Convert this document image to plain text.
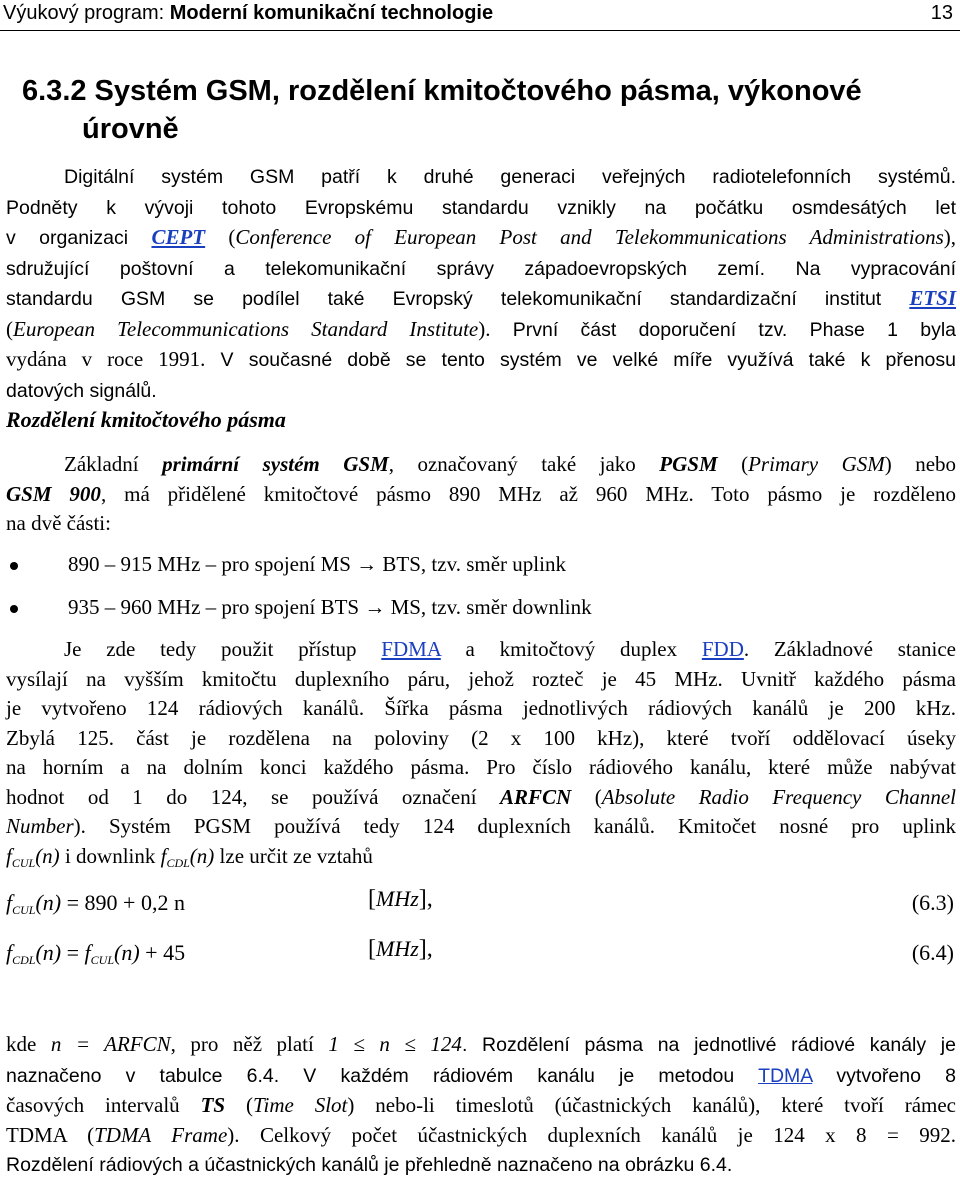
Výukový program: Moderní komunikační technologie	13
6.3.2 Systém GSM, rozdělení kmitočtového pásma, výkonové
úrovně
Digitální systém GSM patří k druhé generaci veřejných radiotelefonních systémů.
Podněty k vývoji tohoto Evropskému standardu vznikly na počátku osmdesátých let
v organizaci CEPT (Conference of European Post and Telekommunications Administrations),
sdružující poštovní a telekomunikační správy západoevropských zemí. Na vypracování
standardu GSM se podílel také Evropský telekomunikační standardizační institut ETSI
(European Telecommunications Standard Institute). První část doporučení tzv. Phase 1 byla
vydána v roce 1991. V současné době se tento systém ve velké míře využívá také k přenosu
datových signálů.
Rozdělení kmitočtového pásma
Základní primární systém GSM, označovaný také jako PGSM (Primary GSM) nebo
GSM 900, má přidělené kmitočtové pásmo 890 MHz až 960 MHz. Toto pásmo je rozděleno
na dvě části:
890 – 915 MHz – pro spojení MS → BTS, tzv. směr uplink
935 – 960 MHz – pro spojení BTS → MS, tzv. směr downlink
Je zde tedy použit přístup FDMA a kmitočtový duplex FDD. Základnové stanice
vysílají na vyšším kmitočtu duplexního páru, jehož rozteč je 45 MHz. Uvnitř každého pásma
je vytvořeno 124 rádiových kanálů. Šířka pásma jednotlivých rádiových kanálů je 200 kHz.
Zbylá 125. část je rozdělena na poloviny (2 x 100 kHz), které tvoří oddělovací úseky
na horním a na dolním konci každého pásma. Pro číslo rádiového kanálu, které může nabývat
hodnot od 1 do 124, se používá označení ARFCN (Absolute Radio Frequency Channel
Number). Systém PGSM používá tedy 124 duplexních kanálů. Kmitočet nosné pro uplink
$f_{CUL}(n)$ i downlink $f_{CDL}(n)$ lze určit ze vztahů
$f_{CUL}(n) = 890 + 0,2$ n	[MHz],	(6.3)
$f_{CDL}(n) = f_{CUL}(n) + 45$	[MHz],	(6.4)
kde n = ARFCN, pro něž platí 1 ≤ n ≤ 124. Rozdělení pásma na jednotlivé rádiové kanály je
naznačeno v tabulce 6.4. V každém rádiovém kanálu je metodou TDMA vytvořeno 8
časových intervalů TS (Time Slot) nebo-li timeslotů (účastnických kanálů), které tvoří rámec
TDMA (TDMA Frame). Celkový počet účastnických duplexních kanálů je 124 x 8 = 992.
Rozdělení rádiových a účastnických kanálů je přehledně naznačeno na obrázku 6.4.
